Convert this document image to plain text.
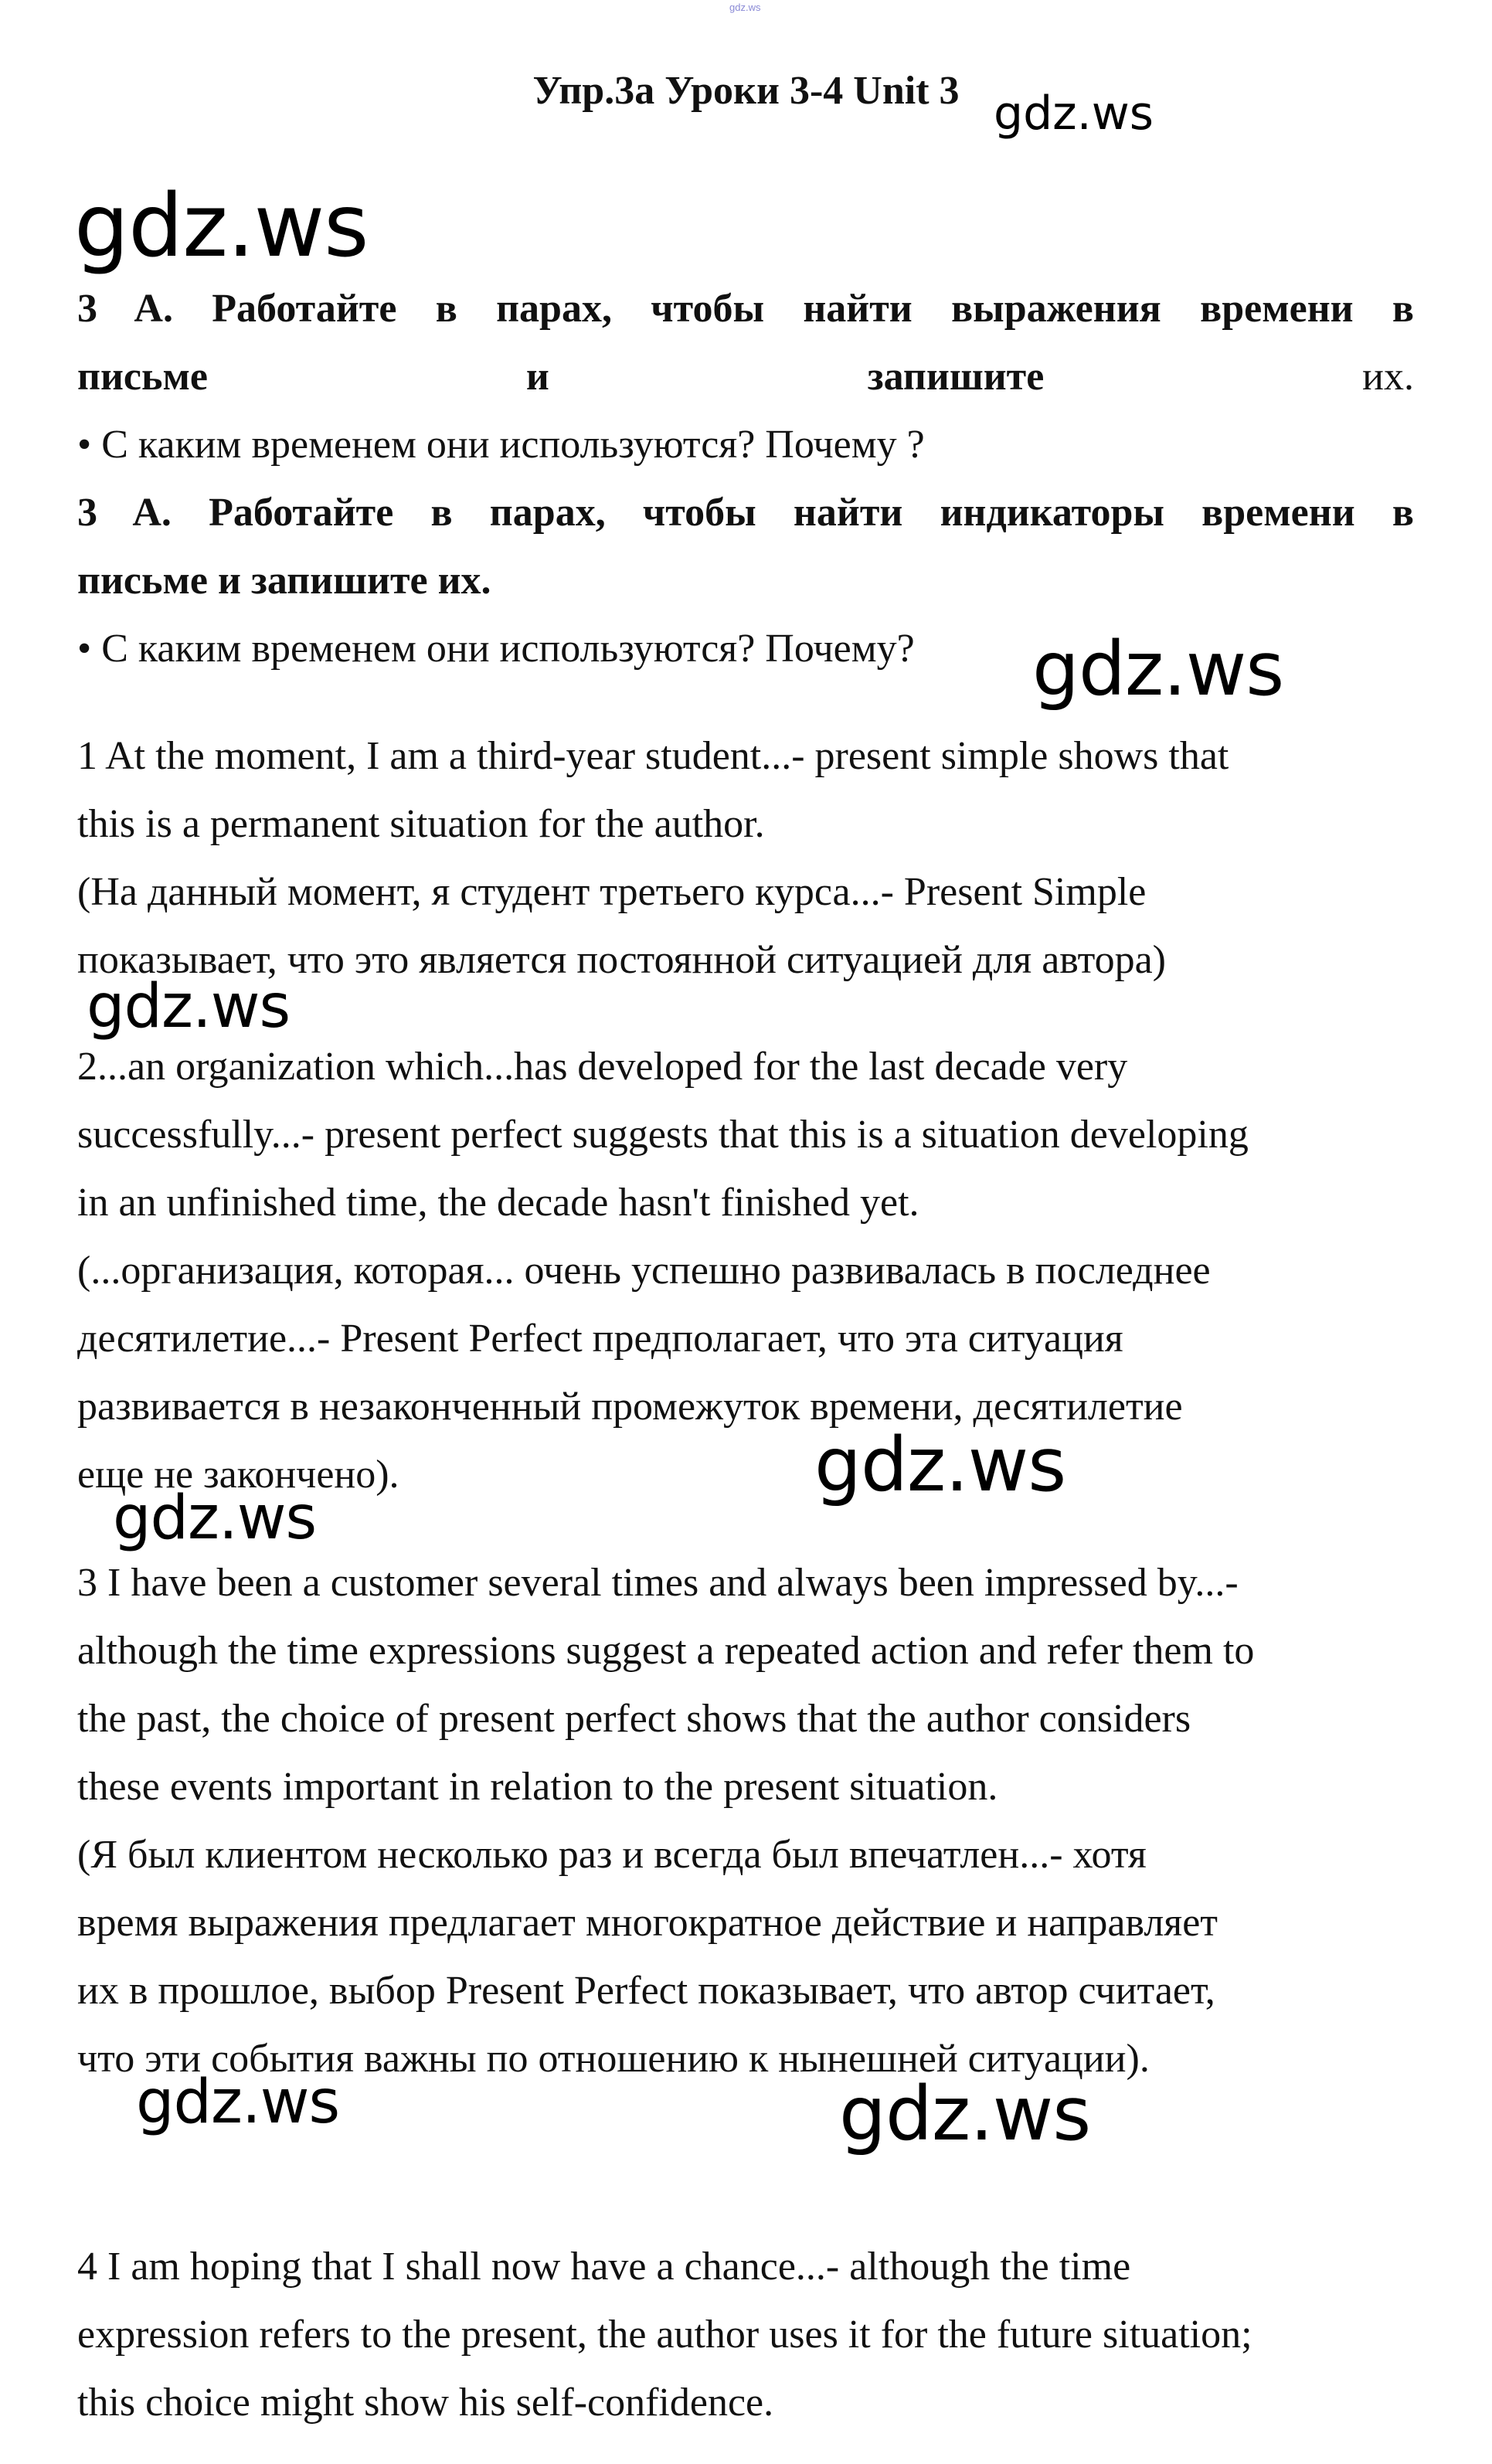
gdz.ws
Упр.3а Уроки 3-4 Unit 3 gdz.ws
gdz.ws
gdz.ws
gdz.ws
gdz.ws
gdz.ws
gdz.ws	gdz.ws
3 A. Работайте в парах, чтобы найти выражения времени в
письме	и	запишите	их.
• С каким временем они используются? Почему ?
3 A. Работайте в парах, чтобы найти индикаторы времени в
письме и запишите их.
• С каким временем они используются? Почему?
1 At the moment, I am a third-year student...- present simple shows that
this is a permanent situation for the author.
(На данный момент, я студент третьего курса...- Present Simple
показывает, что это является постоянной ситуацией для автора)
2...an organization which...has developed for the last decade very
successfully...- present perfect suggests that this is a situation developing
in an unfinished time, the decade hasn't finished yet.
(...организация, которая... очень успешно развивалась в последнее
десятилетие...- Present Perfect предполагает, что эта ситуация
развивается в незаконченный промежуток времени, десятилетие
еще не закончено).
3 I have been a customer several times and always been impressed by...-
although the time expressions suggest a repeated action and refer them to
the past, the choice of present perfect shows that the author considers
these events important in relation to the present situation.
(Я был клиентом несколько раз и всегда был впечатлен...- хотя
время выражения предлагает многократное действие и направляет
их в прошлое, выбор Present Perfect показывает, что автор считает,
что эти события важны по отношению к нынешней ситуации).
4 I am hoping that I shall now have a chance...- although the time
expression refers to the present, the author uses it for the future situation;
this choice might show his self-confidence.
